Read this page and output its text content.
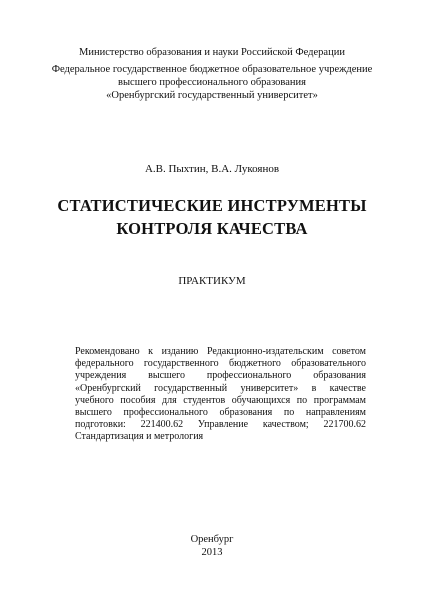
Министерство образования и науки Российской Федерации
Федеральное государственное бюджетное образовательное учреждение
высшего профессионального образования
«Оренбургский государственный университет»
А.В. Пыхтин, В.А. Лукоянов
СТАТИСТИЧЕСКИЕ ИНСТРУМЕНТЫ
КОНТРОЛЯ КАЧЕСТВА
ПРАКТИКУМ
Рекомендовано к изданию Редакционно-издательским советом
федерального государственного бюджетного образовательного
учреждения высшего профессионального образования
«Оренбургский государственный университет» в качестве
учебного пособия для студентов обучающихся по программам
высшего профессионального образования по направлениям
подготовки: 221400.62 Управление качеством; 221700.62
Стандартизация и метрология
Оренбург
2013
